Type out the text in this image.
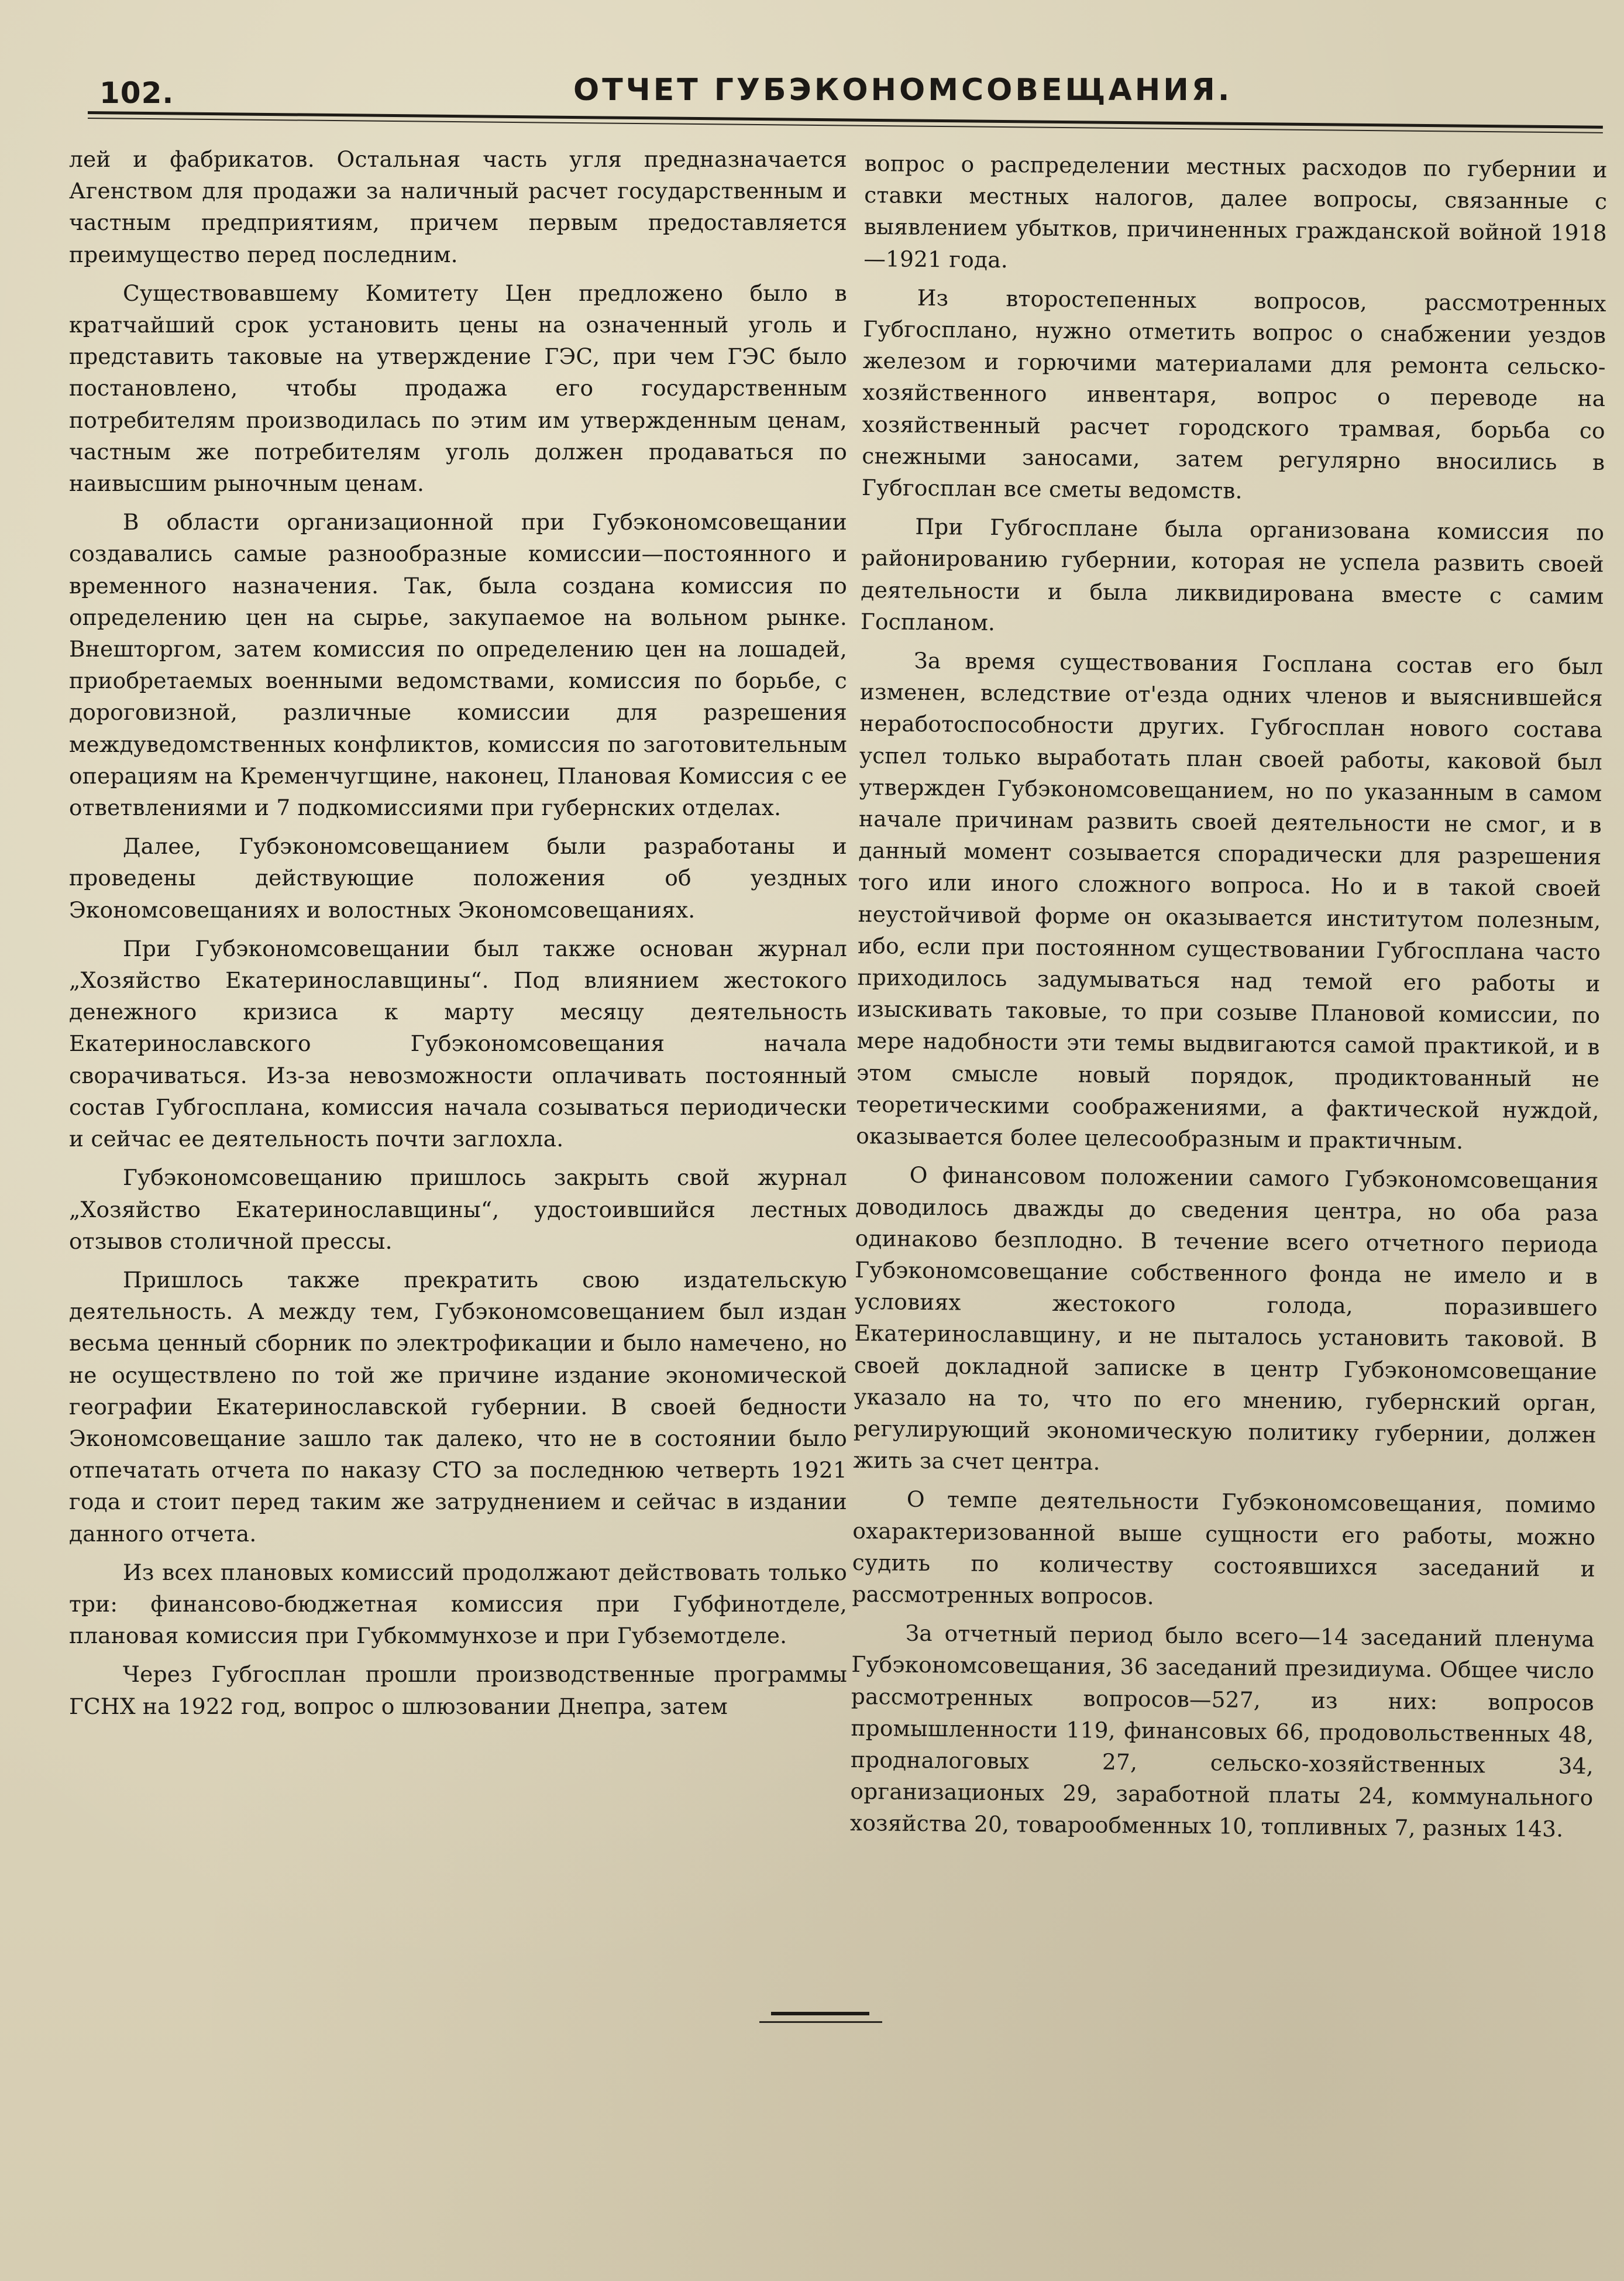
102.	ОТЧЕТ ГУБЭКОНОМСОВЕЩАНИЯ.

лей и фабрикатов. Остальная часть угля предназначается Агенством для продажи за наличный расчет государственным и частным предприятиям, причем первым предоставляется преимущество перед последним.

Существовавшему Комитету Цен предложено было в кратчайший срок установить цены на означенный уголь и представить таковые на утверждение ГЭС, при чем ГЭС было постановлено, чтобы продажа его государственным потребителям производилась по этим им утвержденным ценам, частным же потребителям уголь должен продаваться по наивысшим рыночным ценам.

В области организационной при Губэкономсовещании создавались самые разнообразные комиссии—постоянного и временного назначения. Так, была создана комиссия по определению цен на сырье, закупаемое на вольном рынке. Внешторгом, затем комиссия по определению цен на лошадей, приобретаемых военными ведомствами, комиссия по борьбе, с дороговизной, различные комиссии для разрешения междуведомственных конфликтов, комиссия по заготовительным операциям на Кременчугщине, наконец, Плановая Комиссия с ее ответвлениями и 7 подкомиссиями при губернских отделах.

Далее, Губэкономсовещанием были разработаны и проведены действующие положения об уездных Экономсовещаниях и волостных Экономсовещаниях.

При Губэкономсовещании был также основан журнал „Хозяйство Екатеринославщины“. Под влиянием жестокого денежного кризиса к марту месяцу деятельность Екатеринославского Губэкономсовещания начала сворачиваться. Из-за невозможности оплачивать постоянный состав Губгосплана, комиссия начала созываться периодически и сейчас ее деятельность почти заглохла.

Губэкономсовещанию пришлось закрыть свой журнал „Хозяйство Екатеринославщины“, удостоившийся лестных отзывов столичной прессы.

Пришлось также прекратить свою издательскую деятельность. А между тем, Губэкономсовещанием был издан весьма ценный сборник по электрофикации и было намечено, но не осуществлено по той же причине издание экономической географии Екатеринославской губернии. В своей бедности Экономсовещание зашло так далеко, что не в состоянии было отпечатать отчета по наказу СТО за последнюю четверть 1921 года и стоит перед таким же затруднением и сейчас в издании данного отчета.

Из всех плановых комиссий продолжают действовать только три: финансово-бюджетная комиссия при Губфинотделе, плановая комиссия при Губкоммунхозе и при Губземотделе.

Через Губгосплан прошли производственные программы ГСНХ на 1922 год, вопрос о шлюзовании Днепра, затем

вопрос о распределении местных расходов по губернии и ставки местных налогов, далее вопросы, связанные с выявлением убытков, причиненных гражданской войной 1918—1921 года.

Из второстепенных вопросов, рассмотренных Губгосплано, нужно отметить вопрос о снабжении уездов железом и горючими материалами для ремонта сельско-хозяйственного инвентаря, вопрос о переводе на хозяйственный расчет городского трамвая, борьба со снежными заносами, затем регулярно вносились в Губгосплан все сметы ведомств.

При Губгосплане была организована комиссия по районированию губернии, которая не успела развить своей деятельности и была ликвидирована вместе с самим Госпланом.

За время существования Госплана состав его был изменен, вследствие от'езда одних членов и выяснившейся неработоспособности других. Губгосплан нового состава успел только выработать план своей работы, каковой был утвержден Губэкономсовещанием, но по указанным в самом начале причинам развить своей деятельности не смог, и в данный момент созывается спорадически для разрешения того или иного сложного вопроса. Но и в такой своей неустойчивой форме он оказывается институтом полезным, ибо, если при постоянном существовании Губгосплана часто приходилось задумываться над темой его работы и изыскивать таковые, то при созыве Плановой комиссии, по мере надобности эти темы выдвигаются самой практикой, и в этом смысле новый порядок, продиктованный не теоретическими соображениями, а фактической нуждой, оказывается более целесообразным и практичным.

О финансовом положении самого Губэкономсовещания доводилось дважды до сведения центра, но оба раза одинаково безплодно. В течение всего отчетного периода Губэкономсовещание собственного фонда не имело и в условиях жестокого голода, поразившего Екатеринославщину, и не пыталось установить таковой. В своей докладной записке в центр Губэкономсовещание указало на то, что по его мнению, губернский орган, регулирующий экономическую политику губернии, должен жить за счет центра.

О темпе деятельности Губэкономсовещания, помимо охарактеризованной выше сущности его работы, можно судить по количеству состоявшихся заседаний и рассмотренных вопросов.

За отчетный период было всего—14 заседаний пленума Губэкономсовещания, 36 заседаний президиума. Общее число рассмотренных вопросов—527, из них: вопросов промышленности 119, финансовых 66, продовольственных 48, продналоговых 27, сельско-хозяйственных 34, организационых 29, заработной платы 24, коммунального хозяйства 20, товарообменных 10, топливных 7, разных 143.
